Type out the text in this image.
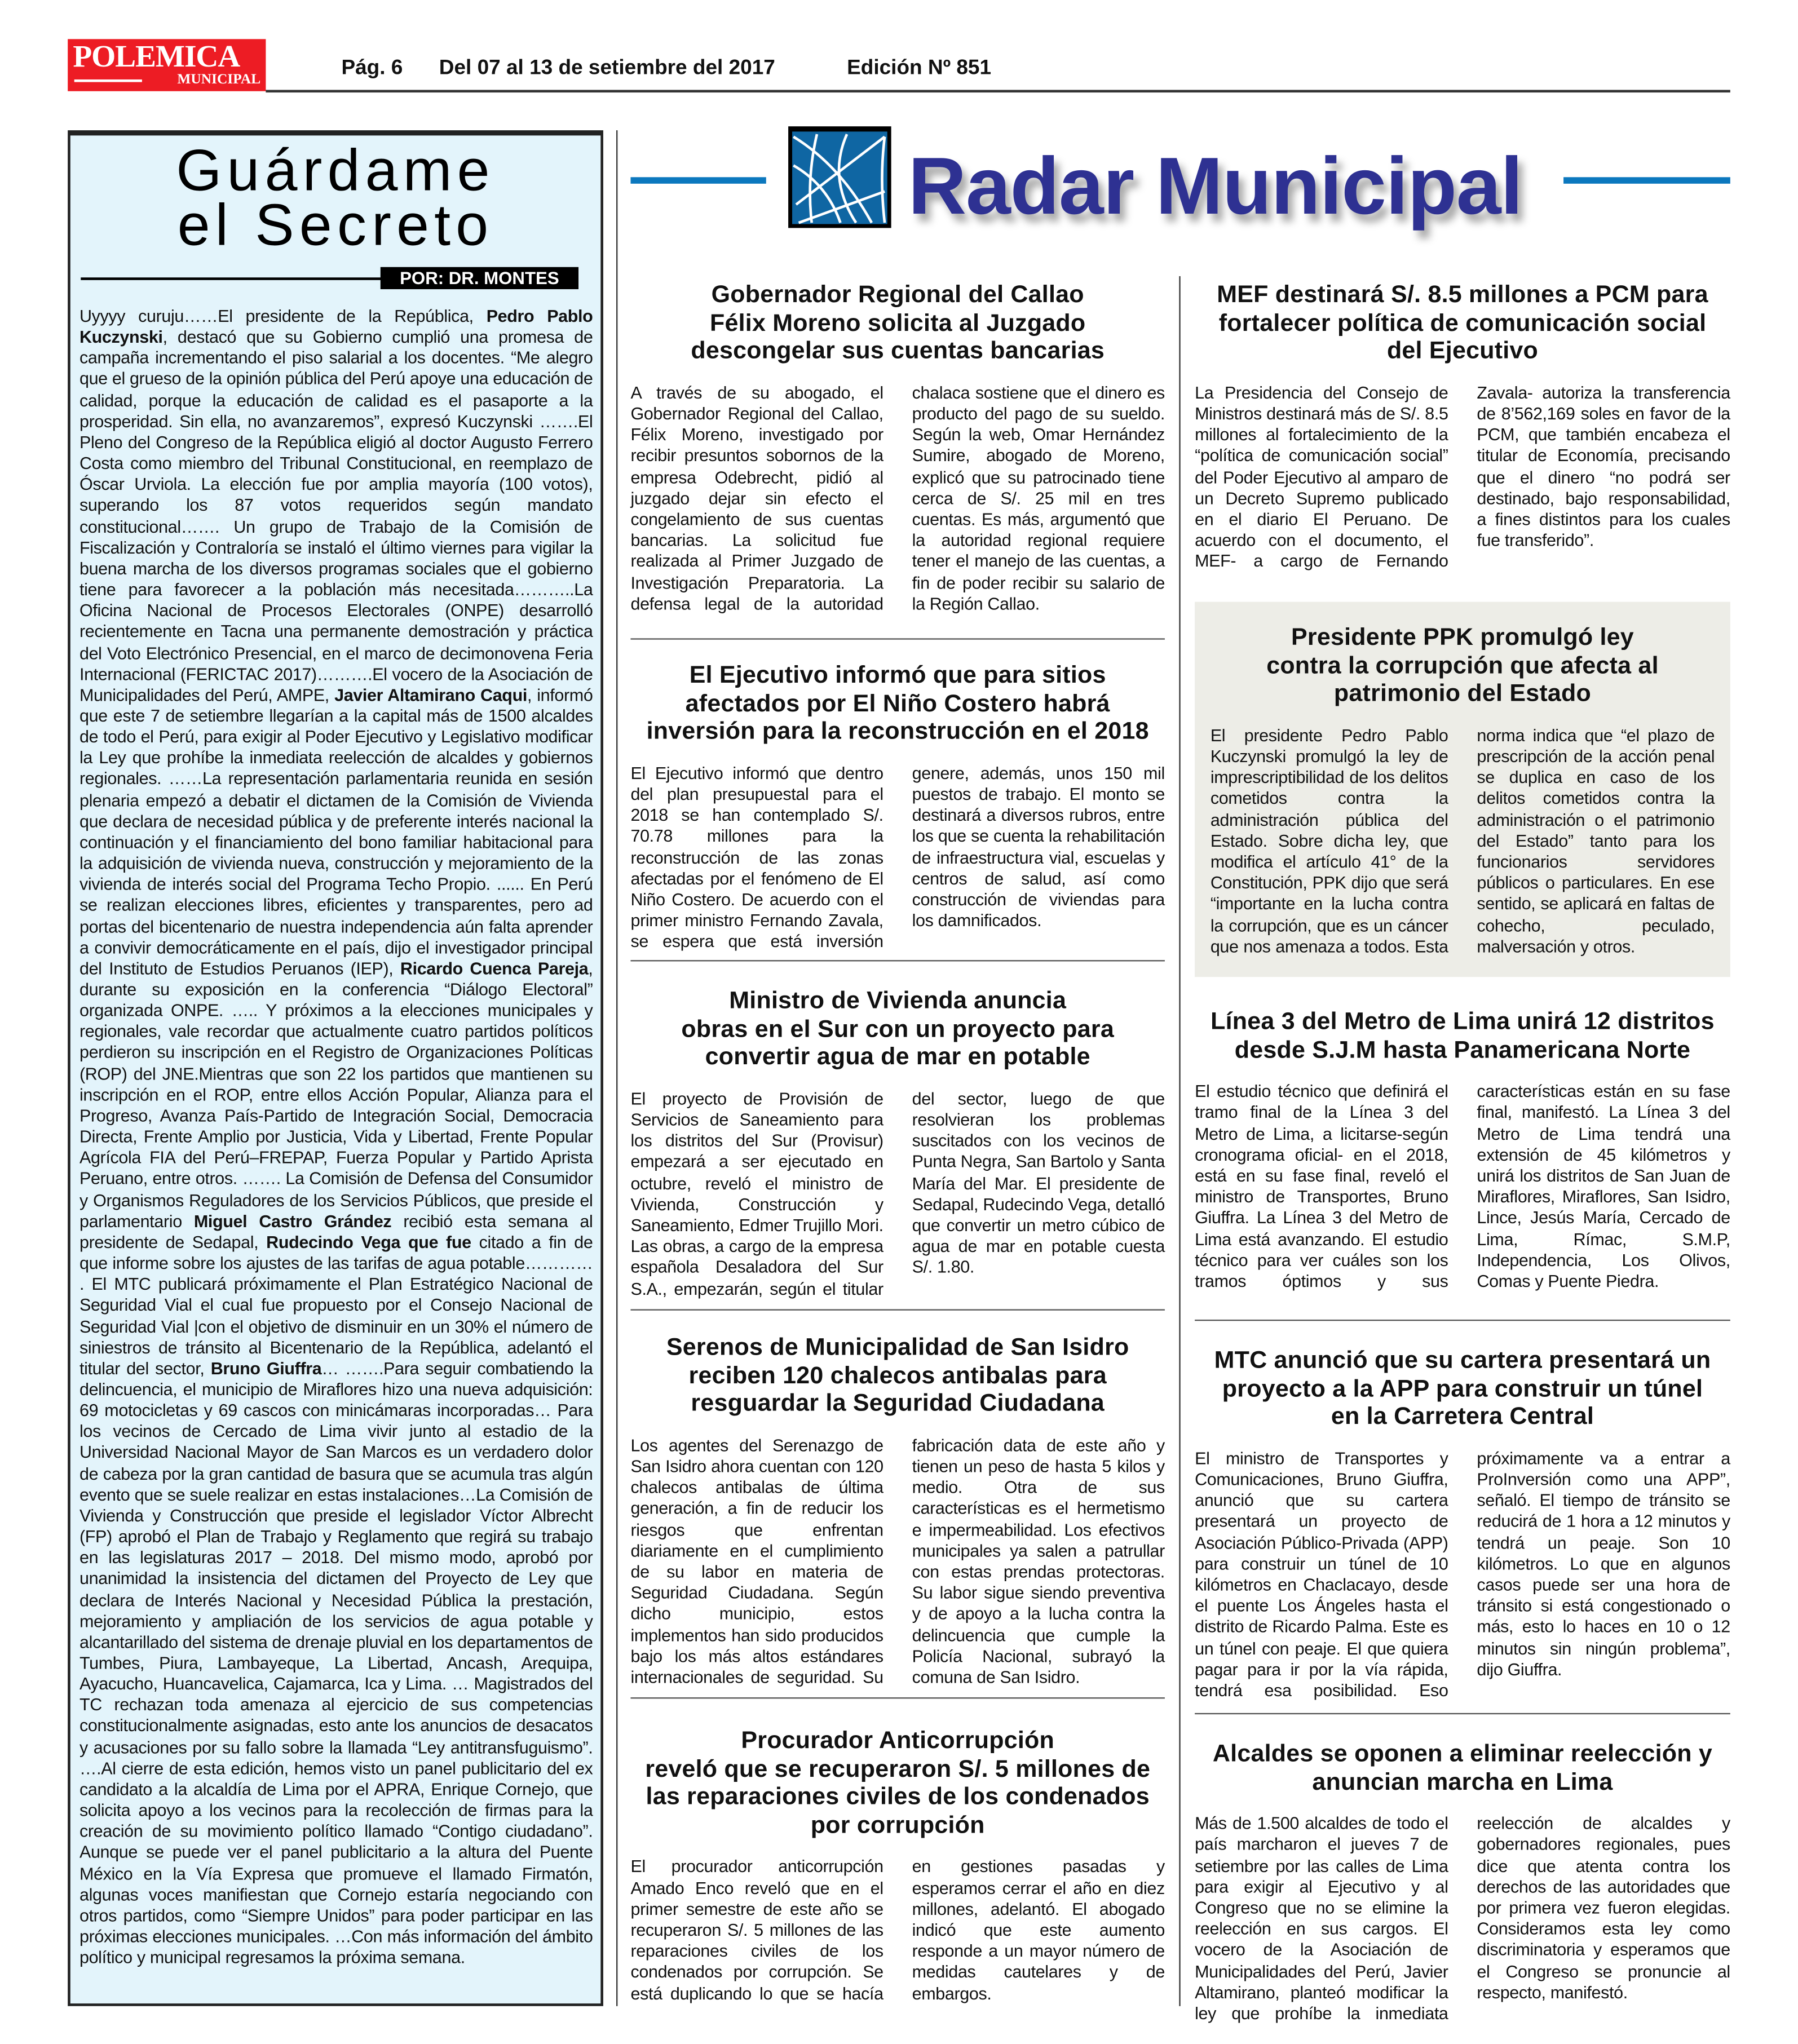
POLEMICA
MUNICIPAL	Pág. 6	Del 07 al 13 de setiembre del 2017	Edición Nº 851
Guárdame
el Secreto
POR: DR. MONTES
Uyyyy curuju……El presidente de la República, Pedro Pablo Kuczynski, destacó que su Gobierno cumplió una promesa de campaña incrementando el piso salarial a los docentes. “Me alegro que el grueso de la opinión pública del Perú apoye una educación de calidad, porque la educación de calidad es el pasaporte a la prosperidad. Sin ella, no avanzaremos”, expresó Kuczynski …….El Pleno del Congreso de la República eligió al doctor Augusto Ferrero Costa como miembro del Tribunal Constitucional, en reemplazo de Óscar Urviola. La elección fue por amplia mayoría (100 votos), superando los 87 votos requeridos según mandato constitucional……. Un grupo de Trabajo de la Comisión de Fiscalización y Contraloría se instaló el último viernes para vigilar la buena marcha de los diversos programas sociales que el gobierno tiene para favorecer a la población más necesitada………..La Oficina Nacional de Procesos Electorales (ONPE) desarrolló recientemente en Tacna una permanente demostración y práctica del Voto Electrónico Presencial, en el marco de decimonovena Feria Internacional (FERICTAC 2017)……….El vocero de la Asociación de Municipalidades del Perú, AMPE, Javier Altamirano Caqui, informó que este 7 de setiembre llegarían a la capital más de 1500 alcaldes de todo el Perú, para exigir al Poder Ejecutivo y Legislativo modificar la Ley que prohíbe la inmediata reelección de alcaldes y gobiernos regionales. ……La representación parlamentaria reunida en sesión plenaria empezó a debatir el dictamen de la Comisión de Vivienda que declara de necesidad pública y de preferente interés nacional la continuación y el financiamiento del bono familiar habitacional para la adquisición de vivienda nueva, construcción y mejoramiento de la vivienda de interés social del Programa Techo Propio. ...... En Perú se realizan elecciones libres, eficientes y transparentes, pero ad portas del bicentenario de nuestra independencia aún falta aprender a convivir democráticamente en el país, dijo el investigador principal del Instituto de Estudios Peruanos (IEP), Ricardo Cuenca Pareja, durante su exposición en la conferencia “Diálogo Electoral” organizada ONPE. ….. Y próximos a la elecciones municipales y regionales, vale recordar que actualmente cuatro partidos políticos perdieron su inscripción en el Registro de Organizaciones Políticas (ROP) del JNE.Mientras que son 22 los partidos que mantienen su inscripción en el ROP, entre ellos Acción Popular, Alianza para el Progreso, Avanza País-Partido de Integración Social, Democracia Directa, Frente Amplio por Justicia, Vida y Libertad, Frente Popular Agrícola FIA del Perú–FREPAP, Fuerza Popular y Partido Aprista Peruano, entre otros. ……. La Comisión de Defensa del Consumidor y Organismos Reguladores de los Servicios Públicos, que preside el parlamentario Miguel Castro Grández recibió esta semana al presidente de Sedapal, Rudecindo Vega que fue citado a fin de que informe sobre los ajustes de las tarifas de agua potable………… . El MTC publicará próximamente el Plan Estratégico Nacional de Seguridad Vial el cual fue propuesto por el Consejo Nacional de Seguridad Vial |con el objetivo de disminuir en un 30% el número de siniestros de tránsito al Bicentenario de la República, adelantó el titular del sector, Bruno Giuffra… …….Para seguir combatiendo la delincuencia, el municipio de Miraflores hizo una nueva adquisición: 69 motocicletas y 69 cascos con minicámaras incorporadas… Para los vecinos de Cercado de Lima vivir junto al estadio de la Universidad Nacional Mayor de San Marcos es un verdadero dolor de cabeza por la gran cantidad de basura que se acumula tras algún evento que se suele realizar en estas instalaciones…La Comisión de Vivienda y Construcción que preside el legislador Víctor Albrecht (FP) aprobó el Plan de Trabajo y Reglamento que regirá su trabajo en las legislaturas 2017 – 2018. Del mismo modo, aprobó por unanimidad la insistencia del dictamen del Proyecto de Ley que declara de Interés Nacional y Necesidad Pública la prestación, mejoramiento y ampliación de los servicios de agua potable y alcantarillado del sistema de drenaje pluvial en los departamentos de Tumbes, Piura, Lambayeque, La Libertad, Ancash, Arequipa, Ayacucho, Huancavelica, Cajamarca, Ica y Lima. … Magistrados del TC rechazan toda amenaza al ejercicio de sus competencias constitucionalmente asignadas, esto ante los anuncios de desacatos y acusaciones por su fallo sobre la llamada “Ley antitransfuguismo”. ….Al cierre de esta edición, hemos visto un panel publicitario del ex candidato a la alcaldía de Lima por el APRA, Enrique Cornejo, que solicita apoyo a los vecinos para la recolección de firmas para la creación de su movimiento político llamado “Contigo ciudadano”. Aunque se puede ver el panel publicitario a la altura del Puente México en la Vía Expresa que promueve el llamado Firmatón, algunas voces manifiestan que Cornejo estaría negociando con otros partidos, como “Siempre Unidos” para poder participar en las próximas elecciones municipales. …Con más información del ámbito político y municipal regresamos la próxima semana.
Radar Municipal
Gobernador Regional del Callao
Félix Moreno solicita al Juzgado
descongelar sus cuentas bancarias
A través de su abogado, el Gobernador Regional del Callao, Félix Moreno, investigado por recibir presuntos sobornos de la empresa Odebrecht, pidió al juzgado dejar sin efecto el congelamiento de sus cuentas bancarias. La solicitud fue realizada al Primer Juzgado de Investigación Preparatoria. La defensa legal de la autoridad chalaca sostiene que el dinero es producto del pago de su sueldo. Según la web, Omar Hernández Sumire, abogado de Moreno, explicó que su patrocinado tiene cerca de S/. 25 mil en tres cuentas. Es más, argumentó que la autoridad regional requiere tener el manejo de las cuentas, a fin de poder recibir su salario de la Región Callao.
El Ejecutivo informó que para sitios
afectados por El Niño Costero habrá
inversión para la reconstrucción en el 2018
El Ejecutivo informó que dentro del plan presupuestal para el 2018 se han contemplado S/. 70.78 millones para la reconstrucción de las zonas afectadas por el fenómeno de El Niño Costero. De acuerdo con el primer ministro Fernando Zavala, se espera que está inversión genere, además, unos 150 mil puestos de trabajo. El monto se destinará a diversos rubros, entre los que se cuenta la rehabilitación de infraestructura vial, escuelas y centros de salud, así como construcción de viviendas para los damnificados.
Ministro de Vivienda anuncia
obras en el Sur con un proyecto para
convertir agua de mar en potable
El proyecto de Provisión de Servicios de Saneamiento para los distritos del Sur (Provisur) empezará a ser ejecutado en octubre, reveló el ministro de Vivienda, Construcción y Saneamiento, Edmer Trujillo Mori. Las obras, a cargo de la empresa española Desaladora del Sur S.A., empezarán, según el titular del sector, luego de que resolvieran los problemas suscitados con los vecinos de Punta Negra, San Bartolo y Santa María del Mar. El presidente de Sedapal, Rudecindo Vega, detalló que convertir un metro cúbico de agua de mar en potable cuesta S/. 1.80.
Serenos de Municipalidad de San Isidro
reciben 120 chalecos antibalas para
resguardar la Seguridad Ciudadana
Los agentes del Serenazgo de San Isidro ahora cuentan con 120 chalecos antibalas de última generación, a fin de reducir los riesgos que enfrentan diariamente en el cumplimiento de su labor en materia de Seguridad Ciudadana. Según dicho municipio, estos implementos han sido producidos bajo los más altos estándares internacionales de seguridad. Su fabricación data de este año y tienen un peso de hasta 5 kilos y medio. Otra de sus características es el hermetismo e impermeabilidad. Los efectivos municipales ya salen a patrullar con estas prendas protectoras. Su labor sigue siendo preventiva y de apoyo a la lucha contra la delincuencia que cumple la Policía Nacional, subrayó la comuna de San Isidro.
Procurador Anticorrupción
reveló que se recuperaron S/. 5 millones de
las reparaciones civiles de los condenados
por corrupción
El procurador anticorrupción Amado Enco reveló que en el primer semestre de este año se recuperaron S/. 5 millones de las reparaciones civiles de los condenados por corrupción. Se está duplicando lo que se hacía en gestiones pasadas y esperamos cerrar el año en diez millones, adelantó. El abogado indicó que este aumento responde a un mayor número de medidas cautelares y de embargos.
MEF destinará S/. 8.5 millones a PCM para
fortalecer política de comunicación social
del Ejecutivo
La Presidencia del Consejo de Ministros destinará más de S/. 8.5 millones al fortalecimiento de la “política de comunicación social” del Poder Ejecutivo al amparo de un Decreto Supremo publicado en el diario El Peruano. De acuerdo con el documento, el MEF- a cargo de Fernando Zavala- autoriza la transferencia de 8’562,169 soles en favor de la PCM, que también encabeza el titular de Economía, precisando que el dinero “no podrá ser destinado, bajo responsabilidad, a fines distintos para los cuales fue transferido”.
Presidente PPK promulgó ley
contra la corrupción que afecta al
patrimonio del Estado
El presidente Pedro Pablo Kuczynski promulgó la ley de imprescriptibilidad de los delitos cometidos contra la administración pública del Estado. Sobre dicha ley, que modifica el artículo 41° de la Constitución, PPK dijo que será “importante en la lucha contra la corrupción, que es un cáncer que nos amenaza a todos. Esta norma indica que “el plazo de prescripción de la acción penal se duplica en caso de los delitos cometidos contra la administración o el patrimonio del Estado” tanto para los funcionarios servidores públicos o particulares. En ese sentido, se aplicará en faltas de cohecho, peculado, malversación y otros.
Línea 3 del Metro de Lima unirá 12 distritos
desde S.J.M hasta Panamericana Norte
El estudio técnico que definirá el tramo final de la Línea 3 del Metro de Lima, a licitarse-según cronograma oficial- en el 2018, está en su fase final, reveló el ministro de Transportes, Bruno Giuffra. La Línea 3 del Metro de Lima está avanzando. El estudio técnico para ver cuáles son los tramos óptimos y sus características están en su fase final, manifestó. La Línea 3 del Metro de Lima tendrá una extensión de 45 kilómetros y unirá los distritos de San Juan de Miraflores, Miraflores, San Isidro, Lince, Jesús María, Cercado de Lima, Rímac, S.M.P, Independencia, Los Olivos, Comas y Puente Piedra.
MTC anunció que su cartera presentará un
proyecto a la APP para construir un túnel
en la Carretera Central
El ministro de Transportes y Comunicaciones, Bruno Giuffra, anunció que su cartera presentará un proyecto de Asociación Público-Privada (APP) para construir un túnel de 10 kilómetros en Chaclacayo, desde el puente Los Ángeles hasta el distrito de Ricardo Palma. Este es un túnel con peaje. El que quiera pagar para ir por la vía rápida, tendrá esa posibilidad. Eso próximamente va a entrar a ProInversión como una APP”, señaló. El tiempo de tránsito se reducirá de 1 hora a 12 minutos y tendrá un peaje. Son 10 kilómetros. Lo que en algunos casos puede ser una hora de tránsito si está congestionado o más, esto lo haces en 10 o 12 minutos sin ningún problema”, dijo Giuffra.
Alcaldes se oponen a eliminar reelección y
anuncian marcha en Lima
Más de 1.500 alcaldes de todo el país marcharon el jueves 7 de setiembre por las calles de Lima para exigir al Ejecutivo y al Congreso que no se elimine la reelección en sus cargos. El vocero de la Asociación de Municipalidades del Perú, Javier Altamirano, planteó modificar la ley que prohíbe la inmediata reelección de alcaldes y gobernadores regionales, pues dice que atenta contra los derechos de las autoridades que por primera vez fueron elegidas. Consideramos esta ley como discriminatoria y esperamos que el Congreso se pronuncie al respecto, manifestó.
